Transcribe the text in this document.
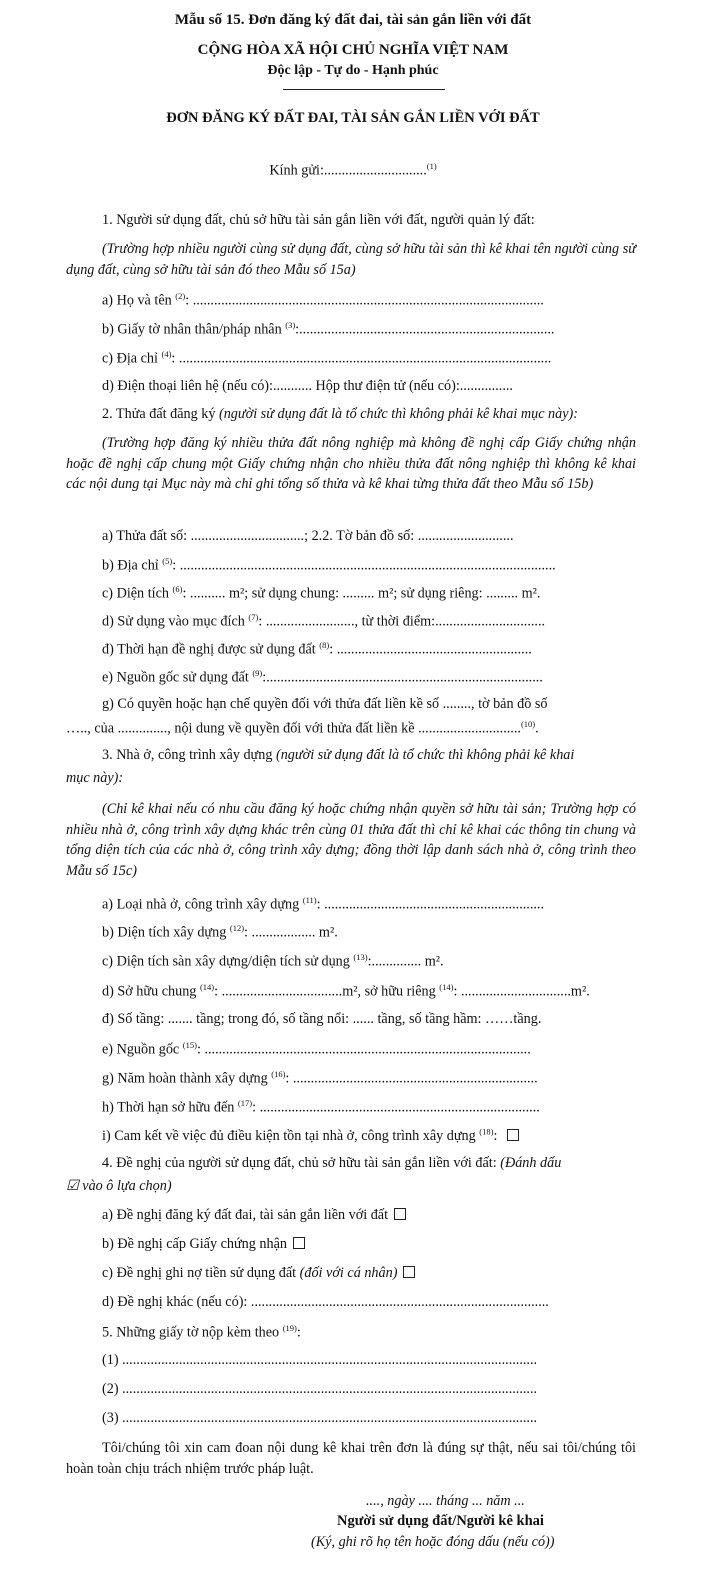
Mẫu số 15. Đơn đăng ký đất đai, tài sản gắn liền với đất
CỘNG HÒA XÃ HỘI CHỦ NGHĨA VIỆT NAM
Độc lập - Tự do - Hạnh phúc
ĐƠN ĐĂNG KÝ ĐẤT ĐAI, TÀI SẢN GẮN LIỀN VỚI ĐẤT
Kính gửi:.............................$^{(1)}$
1. Người sử dụng đất, chủ sở hữu tài sản gắn liền với đất, người quản lý đất:
(Trường hợp nhiều người cùng sử dụng đất, cùng sở hữu tài sản thì kê khai tên người cùng sử dụng đất, cùng sở hữu tài sản đó theo Mẫu số 15a)
a) Họ và tên $^{(2)}$: ...................................................................................................
b) Giấy tờ nhân thân/pháp nhân $^{(3)}$:........................................................................
c) Địa chỉ $^{(4)}$: .........................................................................................................
d) Điện thoại liên hệ (nếu có):........... Hộp thư điện tử (nếu có):...............
2. Thửa đất đăng ký (người sử dụng đất là tổ chức thì không phải kê khai mục này):
(Trường hợp đăng ký nhiều thửa đất nông nghiệp mà không đề nghị cấp Giấy chứng nhận hoặc đề nghị cấp chung một Giấy chứng nhận cho nhiều thửa đất nông nghiệp thì không kê khai các nội dung tại Mục này mà chỉ ghi tổng số thửa và kê khai từng thửa đất theo Mẫu số 15b)
a) Thửa đất số: ................................; 2.2. Tờ bản đồ số: ...........................
b) Địa chỉ $^{(5)}$: ..........................................................................................................
c) Diện tích $^{(6)}$: .......... m²; sử dụng chung: ......... m²; sử dụng riêng: ......... m².
d) Sử dụng vào mục đích $^{(7)}$: ........................., từ thời điểm:...............................
đ) Thời hạn đề nghị được sử dụng đất $^{(8)}$: .......................................................
e) Nguồn gốc sử dụng đất $^{(9)}$:..............................................................................
g) Có quyền hoặc hạn chế quyền đối với thửa đất liền kề số ........, tờ bản đồ số
….., của .............., nội dung về quyền đối với thửa đất liền kề .............................$^{(10)}$.
3. Nhà ở, công trình xây dựng (người sử dụng đất là tổ chức thì không phải kê khai
mục này):
(Chỉ kê khai nếu có nhu cầu đăng ký hoặc chứng nhận quyền sở hữu tài sản; Trường hợp có nhiều nhà ở, công trình xây dựng khác trên cùng 01 thửa đất thì chỉ kê khai các thông tin chung và tổng diện tích của các nhà ở, công trình xây dựng; đồng thời lập danh sách nhà ở, công trình theo Mẫu số 15c)
a) Loại nhà ở, công trình xây dựng $^{(11)}$: ..............................................................
b) Diện tích xây dựng $^{(12)}$: .................. m².
c) Diện tích sàn xây dựng/diện tích sử dụng $^{(13)}$:.............. m².
d) Sở hữu chung $^{(14)}$: ..................................m², sở hữu riêng $^{(14)}$: ...............................m².
đ) Số tầng: ....... tầng; trong đó, số tầng nổi: ...... tầng, số tầng hầm: ……tầng.
e) Nguồn gốc $^{(15)}$: ............................................................................................
g) Năm hoàn thành xây dựng $^{(16)}$: .....................................................................
h) Thời hạn sở hữu đến $^{(17)}$: ...............................................................................
i) Cam kết về việc đủ điều kiện tồn tại nhà ở, công trình xây dựng $^{(18)}$:
4. Đề nghị của người sử dụng đất, chủ sở hữu tài sản gắn liền với đất: (Đánh dấu
☑ vào ô lựa chọn)
a) Đề nghị đăng ký đất đai, tài sản gắn liền với đất
b) Đề nghị cấp Giấy chứng nhận
c) Đề nghị ghi nợ tiền sử dụng đất (đối với cá nhân)
d) Đề nghị khác (nếu có): ....................................................................................
5. Những giấy tờ nộp kèm theo $^{(19)}$:
(1) .....................................................................................................................
(2) .....................................................................................................................
(3) .....................................................................................................................
Tôi/chúng tôi xin cam đoan nội dung kê khai trên đơn là đúng sự thật, nếu sai tôi/chúng tôi hoàn toàn chịu trách nhiệm trước pháp luật.
...., ngày .... tháng ... năm ...
Người sử dụng đất/Người kê khai
(Ký, ghi rõ họ tên hoặc đóng dấu (nếu có))
